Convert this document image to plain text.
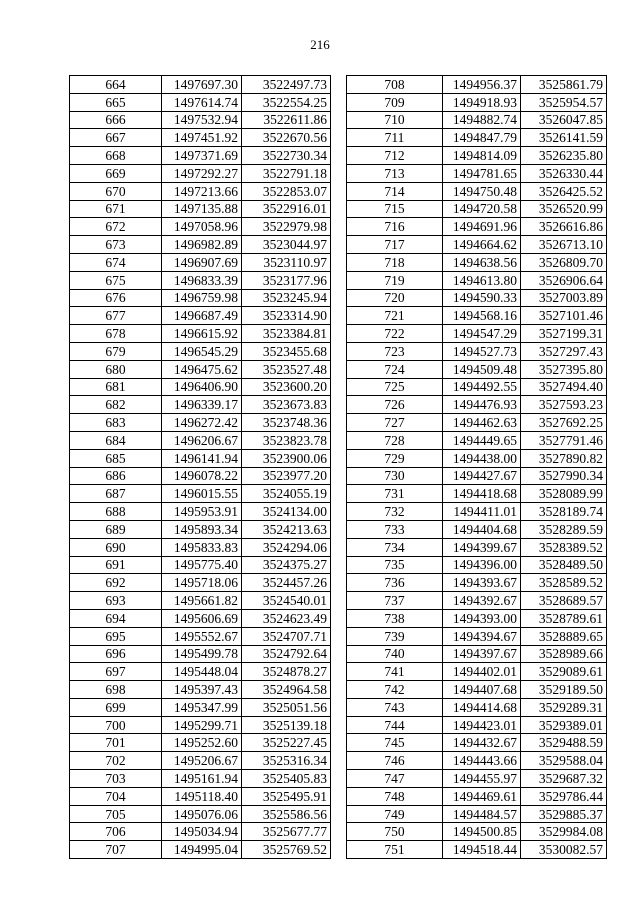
216
664	1497697.30	3522497.73
665	1497614.74	3522554.25
666	1497532.94	3522611.86
667	1497451.92	3522670.56
668	1497371.69	3522730.34
669	1497292.27	3522791.18
670	1497213.66	3522853.07
671	1497135.88	3522916.01
672	1497058.96	3522979.98
673	1496982.89	3523044.97
674	1496907.69	3523110.97
675	1496833.39	3523177.96
676	1496759.98	3523245.94
677	1496687.49	3523314.90
678	1496615.92	3523384.81
679	1496545.29	3523455.68
680	1496475.62	3523527.48
681	1496406.90	3523600.20
682	1496339.17	3523673.83
683	1496272.42	3523748.36
684	1496206.67	3523823.78
685	1496141.94	3523900.06
686	1496078.22	3523977.20
687	1496015.55	3524055.19
688	1495953.91	3524134.00
689	1495893.34	3524213.63
690	1495833.83	3524294.06
691	1495775.40	3524375.27
692	1495718.06	3524457.26
693	1495661.82	3524540.01
694	1495606.69	3524623.49
695	1495552.67	3524707.71
696	1495499.78	3524792.64
697	1495448.04	3524878.27
698	1495397.43	3524964.58
699	1495347.99	3525051.56
700	1495299.71	3525139.18
701	1495252.60	3525227.45
702	1495206.67	3525316.34
703	1495161.94	3525405.83
704	1495118.40	3525495.91
705	1495076.06	3525586.56
706	1495034.94	3525677.77
707	1494995.04	3525769.52
708	1494956.37	3525861.79
709	1494918.93	3525954.57
710	1494882.74	3526047.85
711	1494847.79	3526141.59
712	1494814.09	3526235.80
713	1494781.65	3526330.44
714	1494750.48	3526425.52
715	1494720.58	3526520.99
716	1494691.96	3526616.86
717	1494664.62	3526713.10
718	1494638.56	3526809.70
719	1494613.80	3526906.64
720	1494590.33	3527003.89
721	1494568.16	3527101.46
722	1494547.29	3527199.31
723	1494527.73	3527297.43
724	1494509.48	3527395.80
725	1494492.55	3527494.40
726	1494476.93	3527593.23
727	1494462.63	3527692.25
728	1494449.65	3527791.46
729	1494438.00	3527890.82
730	1494427.67	3527990.34
731	1494418.68	3528089.99
732	1494411.01	3528189.74
733	1494404.68	3528289.59
734	1494399.67	3528389.52
735	1494396.00	3528489.50
736	1494393.67	3528589.52
737	1494392.67	3528689.57
738	1494393.00	3528789.61
739	1494394.67	3528889.65
740	1494397.67	3528989.66
741	1494402.01	3529089.61
742	1494407.68	3529189.50
743	1494414.68	3529289.31
744	1494423.01	3529389.01
745	1494432.67	3529488.59
746	1494443.66	3529588.04
747	1494455.97	3529687.32
748	1494469.61	3529786.44
749	1494484.57	3529885.37
750	1494500.85	3529984.08
751	1494518.44	3530082.57
